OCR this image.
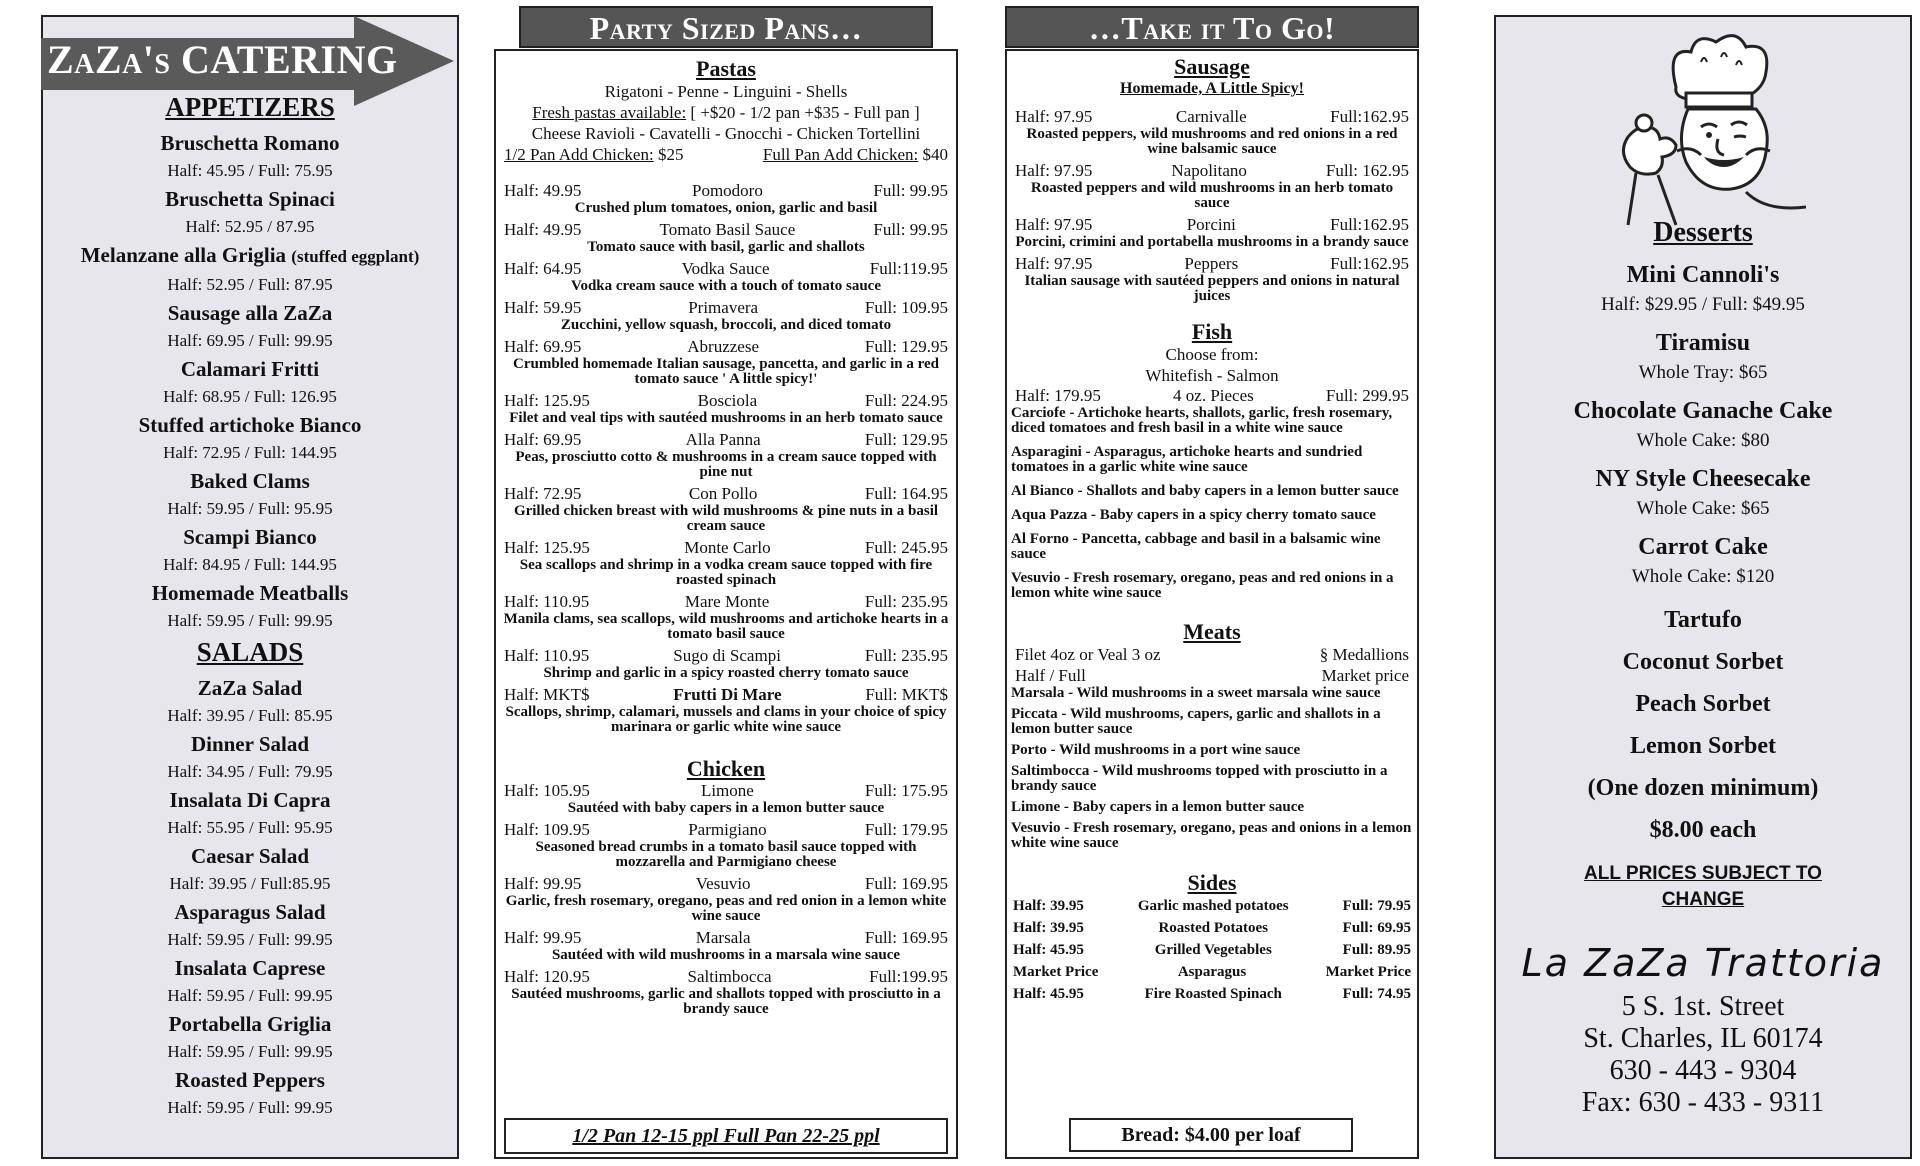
ZaZa's CATERING
APPETIZERS
Bruschetta Romano
Half: 45.95 / Full: 75.95
Bruschetta Spinaci
Half: 52.95 / 87.95
Melanzane alla Griglia (stuffed eggplant)
Half: 52.95 / Full: 87.95
Sausage alla ZaZa
Half: 69.95 / Full: 99.95
Calamari Fritti
Half: 68.95 / Full: 126.95
Stuffed artichoke Bianco
Half: 72.95 / Full: 144.95
Baked Clams
Half: 59.95 / Full: 95.95
Scampi Bianco
Half: 84.95 / Full: 144.95
Homemade Meatballs
Half: 59.95 / Full: 99.95
SALADS
ZaZa Salad
Half: 39.95 / Full: 85.95
Dinner Salad
Half: 34.95 / Full: 79.95
Insalata Di Capra
Half: 55.95 / Full: 95.95
Caesar Salad
Half: 39.95 / Full:85.95
Asparagus Salad
Half: 59.95 / Full: 99.95
Insalata Caprese
Half: 59.95 / Full: 99.95
Portabella Griglia
Half: 59.95 / Full: 99.95
Roasted Peppers
Half: 59.95 / Full: 99.95
Party Sized Pans…
Pastas
Rigatoni - Penne - Linguini - Shells
Fresh pastas available: [ +$20 - 1/2 pan +$35 - Full pan ]
Cheese Ravioli - Cavatelli - Gnocchi - Chicken Tortellini
1/2 Pan Add Chicken: $25	Full Pan Add Chicken: $40
Half: 49.95	Pomodoro	Full: 99.95
Crushed plum tomatoes, onion, garlic and basil
Half: 49.95	Tomato Basil Sauce	Full: 99.95
Tomato sauce with basil, garlic and shallots
Half: 64.95	Vodka Sauce	Full:119.95
Vodka cream sauce with a touch of tomato sauce
Half: 59.95	Primavera	Full: 109.95
Zucchini, yellow squash, broccoli, and diced tomato
Half: 69.95	Abruzzese	Full: 129.95
Crumbled homemade Italian sausage, pancetta, and garlic in a red tomato sauce ' A little spicy!'
Half: 125.95	Bosciola	Full: 224.95
Filet and veal tips with sautéed mushrooms in an herb tomato sauce
Half: 69.95	Alla Panna	Full: 129.95
Peas, prosciutto cotto & mushrooms in a cream sauce topped with pine nut
Half: 72.95	Con Pollo	Full: 164.95
Grilled chicken breast with wild mushrooms & pine nuts in a basil cream sauce
Half: 125.95	Monte Carlo	Full: 245.95
Sea scallops and shrimp in a vodka cream sauce topped with fire roasted spinach
Half: 110.95	Mare Monte	Full: 235.95
Manila clams, sea scallops, wild mushrooms and artichoke hearts in a tomato basil sauce
Half: 110.95	Sugo di Scampi	Full: 235.95
Shrimp and garlic in a spicy roasted cherry tomato sauce
Half: MKT$	Frutti Di Mare	Full: MKT$
Scallops, shrimp, calamari, mussels and clams in your choice of spicy marinara or garlic white wine sauce
Chicken
Half: 105.95	Limone	Full: 175.95
Sautéed with baby capers in a lemon butter sauce
Half: 109.95	Parmigiano	Full: 179.95
Seasoned bread crumbs in a tomato basil sauce topped with mozzarella and Parmigiano cheese
Half: 99.95	Vesuvio	Full: 169.95
Garlic, fresh rosemary, oregano, peas and red onion in a lemon white wine sauce
Half: 99.95	Marsala	Full: 169.95
Sautéed with wild mushrooms in a marsala wine sauce
Half: 120.95	Saltimbocca	Full:199.95
Sautéed mushrooms, garlic and shallots topped with prosciutto in a brandy sauce
1/2 Pan 12-15 ppl Full Pan 22-25 ppl
…Take it To Go!
Sausage
Homemade, A Little Spicy!
Half: 97.95	Carnivalle	Full:162.95
Roasted peppers, wild mushrooms and red onions in a red wine balsamic sauce
Half: 97.95	Napolitano	Full: 162.95
Roasted peppers and wild mushrooms in an herb tomato sauce
Half: 97.95	Porcini	Full:162.95
Porcini, crimini and portabella mushrooms in a brandy sauce
Half: 97.95	Peppers	Full:162.95
Italian sausage with sautéed peppers and onions in natural juices
Fish
Choose from:
Whitefish - Salmon
Half: 179.95	4 oz. Pieces	Full: 299.95
Carciofe - Artichoke hearts, shallots, garlic, fresh rosemary, diced tomatoes and fresh basil in a white wine sauce
Asparagini - Asparagus, artichoke hearts and sundried tomatoes in a garlic white wine sauce
Al Bianco - Shallots and baby capers in a lemon butter sauce
Aqua Pazza - Baby capers in a spicy cherry tomato sauce
Al Forno - Pancetta, cabbage and basil in a balsamic wine sauce
Vesuvio - Fresh rosemary, oregano, peas and red onions in a lemon white wine sauce
Meats
Filet 4oz or Veal 3 oz	§ Medallions
Half / Full	Market price
Marsala - Wild mushrooms in a sweet marsala wine sauce
Piccata - Wild mushrooms, capers, garlic and shallots in a lemon butter sauce
Porto - Wild mushrooms in a port wine sauce
Saltimbocca - Wild mushrooms topped with prosciutto in a brandy sauce
Limone - Baby capers in a lemon butter sauce
Vesuvio - Fresh rosemary, oregano, peas and onions in a lemon white wine sauce
Sides
Half: 39.95	Garlic mashed potatoes	Full: 79.95
Half: 39.95	Roasted Potatoes	Full: 69.95
Half: 45.95	Grilled Vegetables	Full: 89.95
Market Price	Asparagus	Market Price
Half: 45.95	Fire Roasted Spinach	Full: 74.95
Bread: $4.00 per loaf
Desserts
Mini Cannoli's
Half: $29.95 / Full: $49.95
Tiramisu
Whole Tray: $65
Chocolate Ganache Cake
Whole Cake: $80
NY Style Cheesecake
Whole Cake: $65
Carrot Cake
Whole Cake: $120
Tartufo
Coconut Sorbet
Peach Sorbet
Lemon Sorbet
(One dozen minimum)
$8.00 each
ALL PRICES SUBJECT TO CHANGE
La ZaZa Trattoria
5 S. 1st. Street
St. Charles, IL 60174
630 - 443 - 9304
Fax: 630 - 433 - 9311
